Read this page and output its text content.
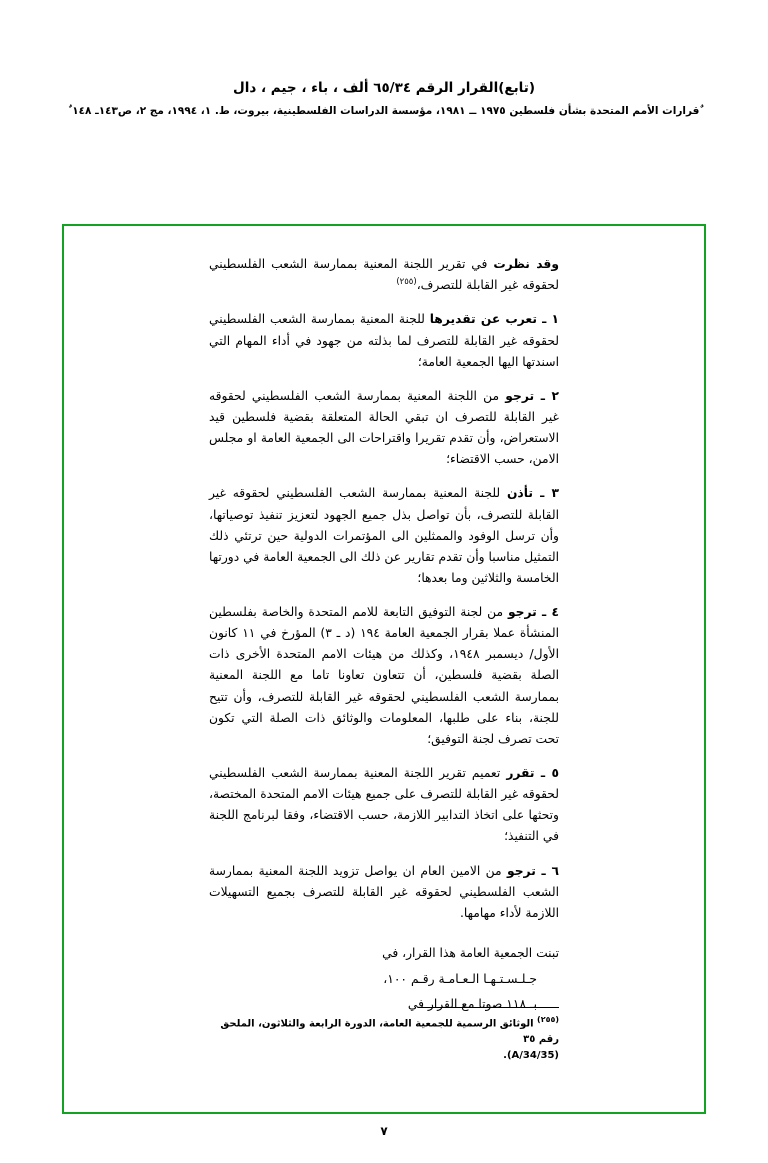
(تابع)القرار الرقم ٦٥/٣٤ ألف ، باء ، جيم ، دال
ٌقرارات الأمم المتحدة بشأن فلسطين ١٩٧٥ ــ ١٩٨١، مؤسسة الدراسات الفلسطينية، بيروت، ط. ١، ١٩٩٤، مج ٢، ص١٤٣ـ ١٤٨ ٌ

وقد نظرت في تقرير اللجنة المعنية بممارسة الشعب الفلسطيني لحقوقه غير القابلة للتصرف،$^{(٢٥٥)}$

١ ـ تعرب عن تقديرها للجنة المعنية بممارسة الشعب الفلسطيني لحقوقه غير القابلة للتصرف لما بذلته من جهود في أداء المهام التي اسندتها اليها الجمعية العامة؛

٢ ـ ترجو من اللجنة المعنية بممارسة الشعب الفلسطيني لحقوقه غير القابلة للتصرف ان تبقي الحالة المتعلقة بقضية فلسطين قيد الاستعراض، وأن تقدم تقريرا واقتراحات الى الجمعية العامة او مجلس الامن، حسب الاقتضاء؛

٣ ـ تأذن للجنة المعنية بممارسة الشعب الفلسطيني لحقوقه غير القابلة للتصرف، بأن تواصل بذل جميع الجهود لتعزيز تنفيذ توصياتها، وأن ترسل الوفود والممثلين الى المؤتمرات الدولية حين ترتئي ذلك التمثيل مناسبا وأن تقدم تقارير عن ذلك الى الجمعية العامة في دورتها الخامسة والثلاثين وما بعدها؛

٤ ـ ترجو من لجنة التوفيق التابعة للامم المتحدة والخاصة بفلسطين المنشأة عملا بقرار الجمعية العامة ١٩٤ (د ـ ٣) المؤرخ في ١١ كانون الأول/ ديسمبر ١٩٤٨، وكذلك من هيئات الامم المتحدة الأخرى ذات الصلة بقضية فلسطين، أن تتعاون تعاونا تاما مع اللجنة المعنية بممارسة الشعب الفلسطيني لحقوقه غير القابلة للتصرف، وأن تتيح للجنة، بناء على طلبها، المعلومات والوثائق ذات الصلة التي تكون تحت تصرف لجنة التوفيق؛

٥ ـ تقرر تعميم تقرير اللجنة المعنية بممارسة الشعب الفلسطيني لحقوقه غير القابلة للتصرف على جميع هيئات الامم المتحدة المختصة، وتحثها على اتخاذ التدابير اللازمة، حسب الاقتضاء، وفقا لبرنامج اللجنة في التنفيذ؛

٦ ـ ترجو من الامين العام ان يواصل تزويد اللجنة المعنية بممارسة الشعب الفلسطيني لحقوقه غير القابلة للتصرف بجميع التسهيلات اللازمة لأداء مهامها.

تبنت الجمعية العامة هذا القرار، في

جـلـسـتـهـا الـعـامـة رقـم ١٠٠،

بـ ١١٨ صوتا مع القرار في

$^{(٢٥٥)}$ الوثائق الرسمية للجمعية العامة، الدورة الرابعة والثلاثون، الملحق رقم ٣٥
(A/34/35).
٧
